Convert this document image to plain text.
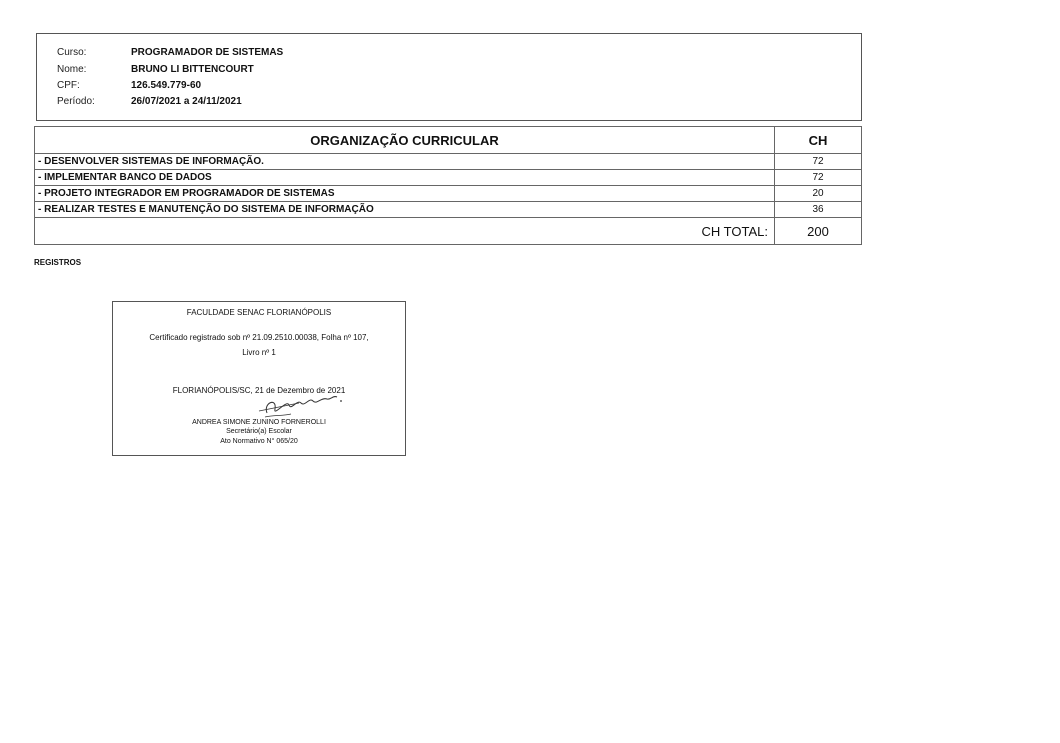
Curso:	PROGRAMADOR DE SISTEMAS
Nome:	BRUNO LI BITTENCOURT
CPF:	126.549.779-60
Período:	26/07/2021 a 24/11/2021
ORGANIZAÇÃO CURRICULAR	CH
- DESENVOLVER SISTEMAS DE INFORMAÇÃO.	72
- IMPLEMENTAR BANCO DE DADOS	72
- PROJETO INTEGRADOR EM PROGRAMADOR DE SISTEMAS	20
- REALIZAR TESTES E MANUTENÇÃO DO SISTEMA DE INFORMAÇÃO	36
CH TOTAL:	200
REGISTROS
FACULDADE SENAC FLORIANÓPOLIS
Certificado registrado sob nº 21.09.2510.00038, Folha nº 107,
Livro nº 1
FLORIANÓPOLIS/SC, 21 de Dezembro de 2021
ANDREA SIMONE ZUNINO FORNEROLLI
Secretário(a) Escolar
Ato Normativo N° 065/20
